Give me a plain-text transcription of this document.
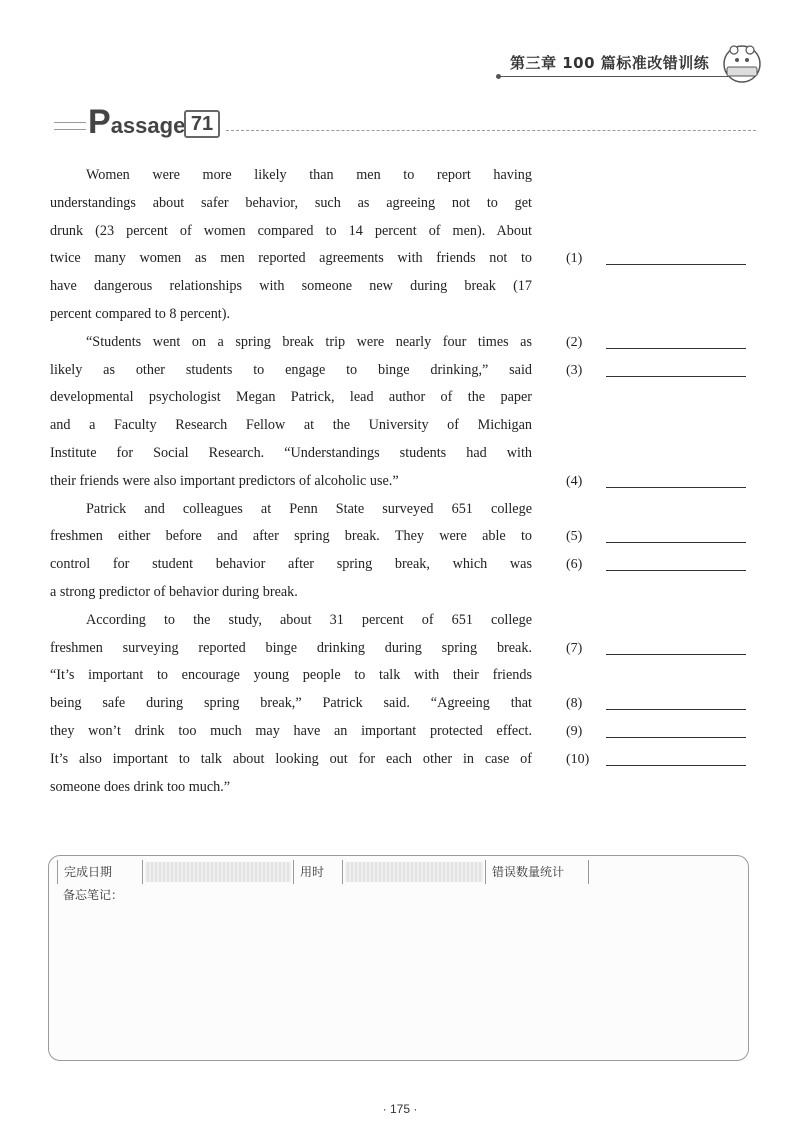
第三章 100 篇标准改错训练
Passage 71
Women were more likely than men to report having
understandings about safer behavior, such as agreeing not to get
drunk (23 percent of women compared to 14 percent of men). About
twice many women as men reported agreements with friends not to
have dangerous relationships with someone new during break (17
percent compared to 8 percent).
“Students went on a spring break trip were nearly four times as
likely as other students to engage to binge drinking,” said
developmental psychologist Megan Patrick, lead author of the paper
and a Faculty Research Fellow at the University of Michigan
Institute for Social Research. “Understandings students had with
their friends were also important predictors of alcoholic use.”
Patrick and colleagues at Penn State surveyed 651 college
freshmen either before and after spring break. They were able to
control for student behavior after spring break, which was
a strong predictor of behavior during break.
According to the study, about 31 percent of 651 college
freshmen surveying reported binge drinking during spring break.
“It’s important to encourage young people to talk with their friends
being safe during spring break,” Patrick said. “Agreeing that
they won’t drink too much may have an important protected effect.
It’s also important to talk about looking out for each other in case of
someone does drink too much.”
(1)
(2)
(3)
(4)
(5)
(6)
(7)
(8)
(9)
(10)
完成日期	用时	错误数量统计
备忘笔记：
· 175 ·
